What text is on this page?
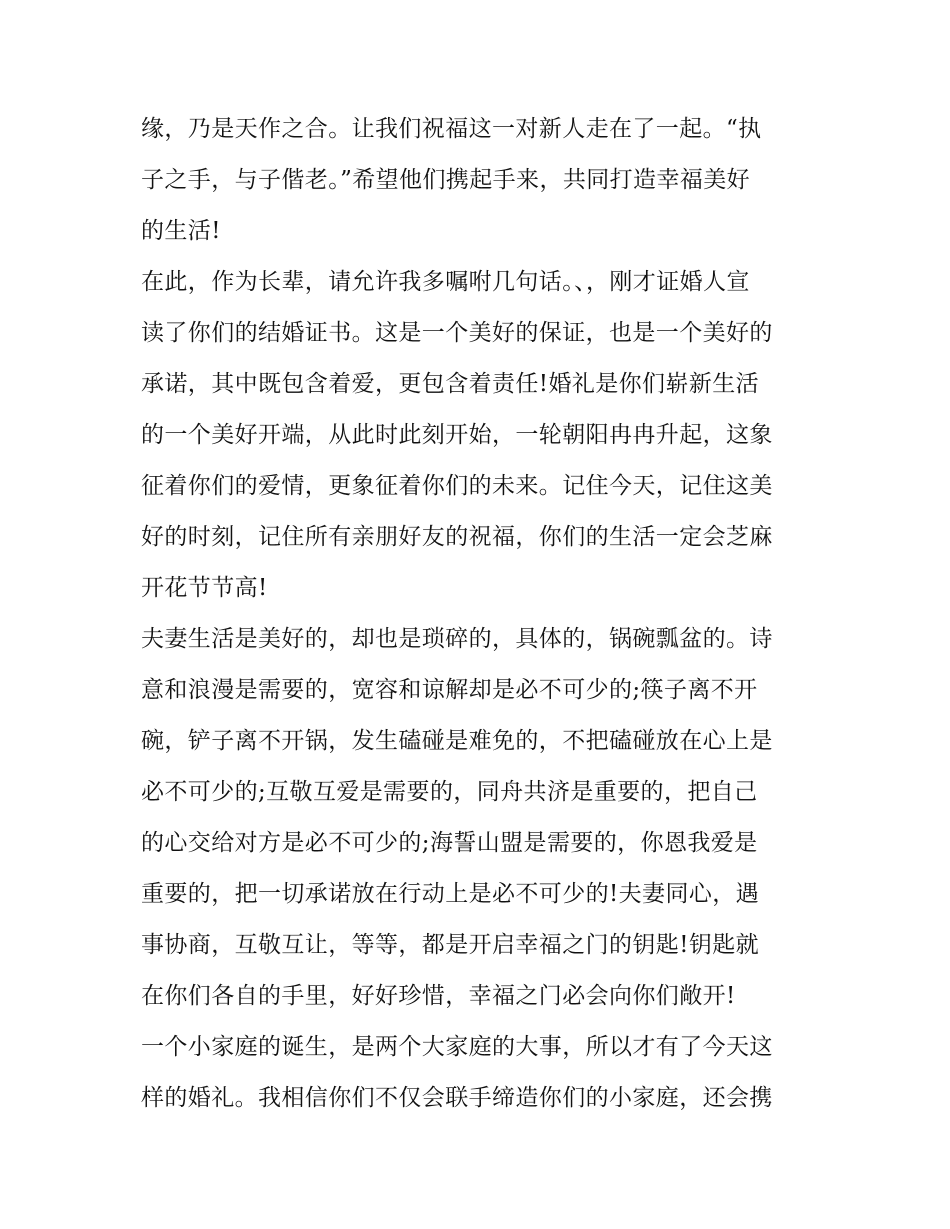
缘，乃是天作之合。让我们祝福这一对新人走在了一起。“执
子之手，与子偕老。”希望他们携起手来，共同打造幸福美好
的生活!

在此，作为长辈，请允许我多嘱咐几句话。、，刚才证婚人宣
读了你们的结婚证书。这是一个美好的保证，也是一个美好的
承诺，其中既包含着爱，更包含着责任!婚礼是你们崭新生活
的一个美好开端，从此时此刻开始，一轮朝阳冉冉升起，这象
征着你们的爱情，更象征着你们的未来。记住今天，记住这美
好的时刻，记住所有亲朋好友的祝福，你们的生活一定会芝麻
开花节节高!

夫妻生活是美好的，却也是琐碎的，具体的，锅碗瓢盆的。诗
意和浪漫是需要的，宽容和谅解却是必不可少的;筷子离不开
碗，铲子离不开锅，发生磕碰是难免的，不把磕碰放在心上是
必不可少的;互敬互爱是需要的，同舟共济是重要的，把自己
的心交给对方是必不可少的;海誓山盟是需要的，你恩我爱是
重要的，把一切承诺放在行动上是必不可少的!夫妻同心，遇
事协商，互敬互让，等等，都是开启幸福之门的钥匙!钥匙就
在你们各自的手里，好好珍惜，幸福之门必会向你们敞开!

一个小家庭的诞生，是两个大家庭的大事，所以才有了今天这
样的婚礼。我相信你们不仅会联手缔造你们的小家庭，还会携
